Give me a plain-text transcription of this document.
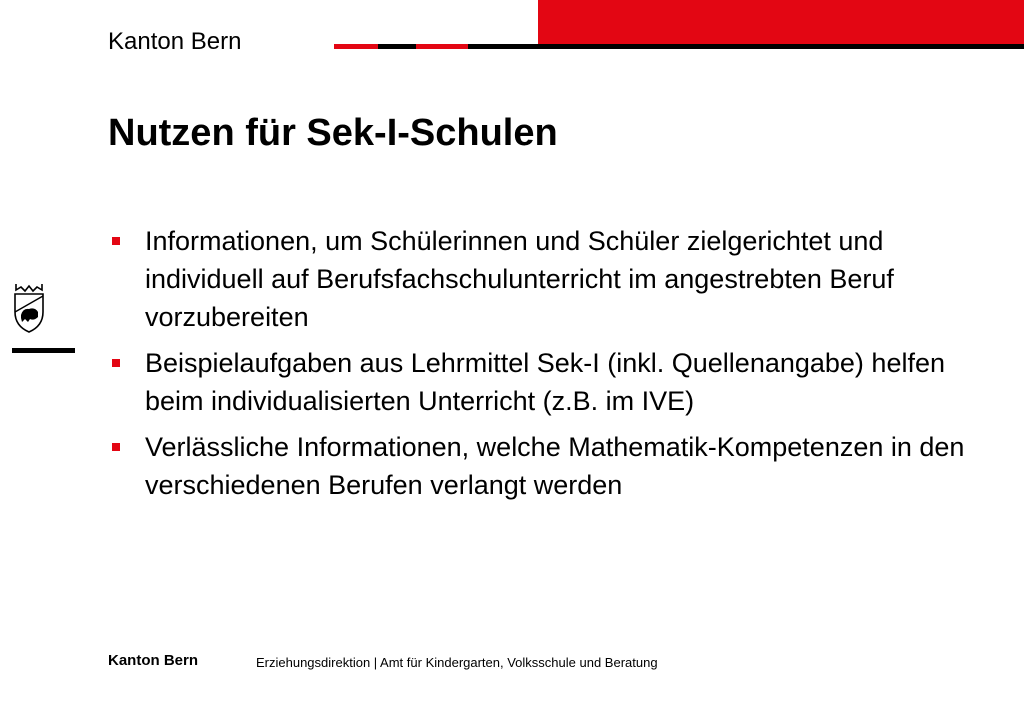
Kanton Bern
Nutzen für Sek-I-Schulen
Informationen, um Schülerinnen und Schüler zielgerichtet und individuell auf Berufsfachschulunterricht im angestrebten Beruf vorzubereiten
Beispielaufgaben aus Lehrmittel Sek-I (inkl. Quellenangabe) helfen beim individualisierten Unterricht (z.B. im IVE)
Verlässliche Informationen, welche Mathematik-Kompetenzen in den verschiedenen Berufen verlangt werden
Kanton Bern	Erziehungsdirektion | Amt für Kindergarten, Volksschule und Beratung
